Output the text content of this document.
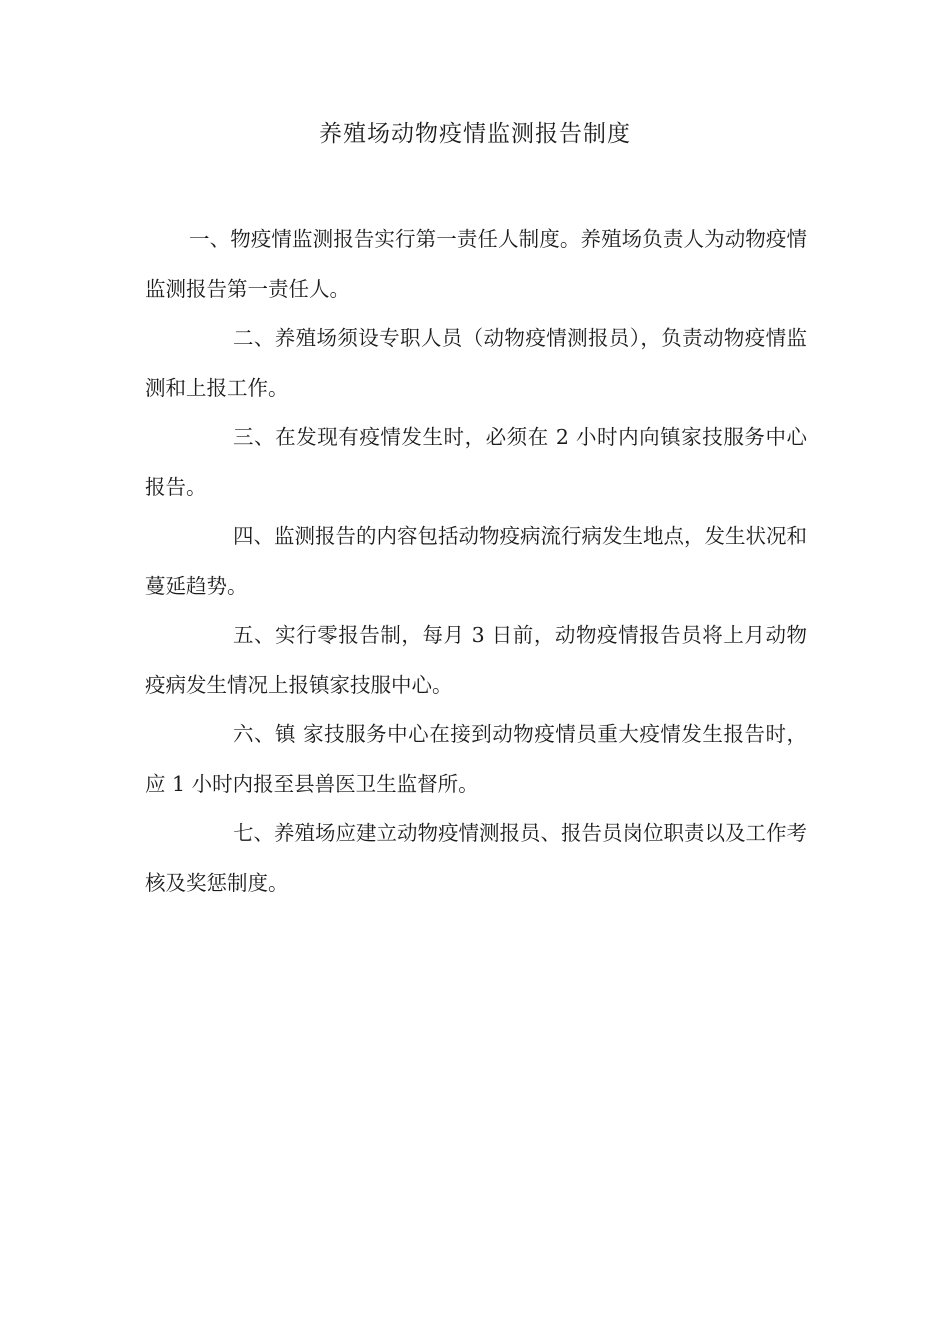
养殖场动物疫情监测报告制度

一、物疫情监测报告实行第一责任人制度。养殖场负责人为动物疫情监测报告第一责任人。

二、养殖场须设专职人员（动物疫情测报员），负责动物疫情监测和上报工作。

三、在发现有疫情发生时，必须在 2 小时内向镇家技服务中心报告。

四、监测报告的内容包括动物疫病流行病发生地点，发生状况和蔓延趋势。

五、实行零报告制，每月 3 日前，动物疫情报告员将上月动物疫病发生情况上报镇家技服中心。

六、镇 家技服务中心在接到动物疫情员重大疫情发生报告时，应 1 小时内报至县兽医卫生监督所。

七、养殖场应建立动物疫情测报员、报告员岗位职责以及工作考核及奖惩制度。
